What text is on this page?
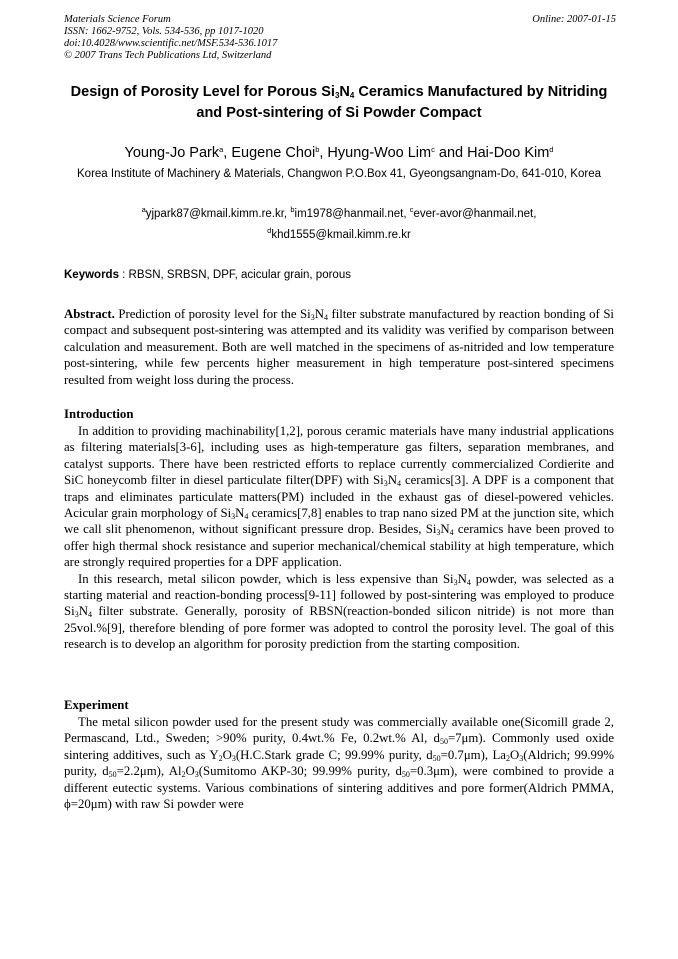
Materials Science Forum
ISSN: 1662-9752, Vols. 534-536, pp 1017-1020
doi:10.4028/www.scientific.net/MSF.534-536.1017
© 2007 Trans Tech Publications Ltd, Switzerland
Online: 2007-01-15
Design of Porosity Level for Porous $Si_3N_4$ Ceramics Manufactured by Nitriding and Post-sintering of Si Powder Compact
Young-Jo Park$^a$, Eugene Choi$^b$, Hyung-Woo Lim$^c$ and Hai-Doo Kim$^d$
Korea Institute of Machinery & Materials, Changwon P.O.Box 41, Gyeongsangnam-Do, 641-010, Korea
$^a$yjpark87@kmail.kimm.re.kr, $^b$im1978@hanmail.net, $^c$ever-avor@hanmail.net,
$^d$khd1555@kmail.kimm.re.kr
Keywords : RBSN, SRBSN, DPF, acicular grain, porous
Abstract. Prediction of porosity level for the $Si_3N_4$ filter substrate manufactured by reaction bonding of Si compact and subsequent post-sintering was attempted and its validity was verified by comparison between calculation and measurement. Both are well matched in the specimens of as-nitrided and low temperature post-sintering, while few percents higher measurement in high temperature post-sintered specimens resulted from weight loss during the process.
Introduction

In addition to providing machinability[1,2], porous ceramic materials have many industrial applications as filtering materials[3-6], including uses as high-temperature gas filters, separation membranes, and catalyst supports. There have been restricted efforts to replace currently commercialized Cordierite and SiC honeycomb filter in diesel particulate filter(DPF) with $Si_3N_4$ ceramics[3]. A DPF is a component that traps and eliminates particulate matters(PM) included in the exhaust gas of diesel-powered vehicles. Acicular grain morphology of $Si_3N_4$ ceramics[7,8] enables to trap nano sized PM at the junction site, which we call slit phenomenon, without significant pressure drop. Besides, $Si_3N_4$ ceramics have been proved to offer high thermal shock resistance and superior mechanical/chemical stability at high temperature, which are strongly required properties for a DPF application.

In this research, metal silicon powder, which is less expensive than $Si_3N_4$ powder, was selected as a starting material and reaction-bonding process[9-11] followed by post-sintering was employed to produce $Si_3N_4$ filter substrate. Generally, porosity of RBSN(reaction-bonded silicon nitride) is not more than 25vol.%[9], therefore blending of pore former was adopted to control the porosity level. The goal of this research is to develop an algorithm for porosity prediction from the starting composition.

Experiment

The metal silicon powder used for the present study was commercially available one(Sicomill grade 2, Permascand, Ltd., Sweden; >90% purity, 0.4wt.% Fe, 0.2wt.% Al, $d_{50}=7\mu m$). Commonly used oxide sintering additives, such as $Y_2O_3(H.C.Stark$ grade C; 99.99% purity, $d_{50}=0.7\mu m$), $La_2O_3(Aldrich$; 99.99% purity, $d_{50}=2.2\mu m$), $Al_2O_3(Sumitomo$ AKP-30; 99.99% purity, $d_{50}=0.3\mu m$), were combined to provide a different eutectic systems. Various combinations of sintering additives and pore former(Aldrich PMMA, ϕ=20μm) with raw Si powder were
